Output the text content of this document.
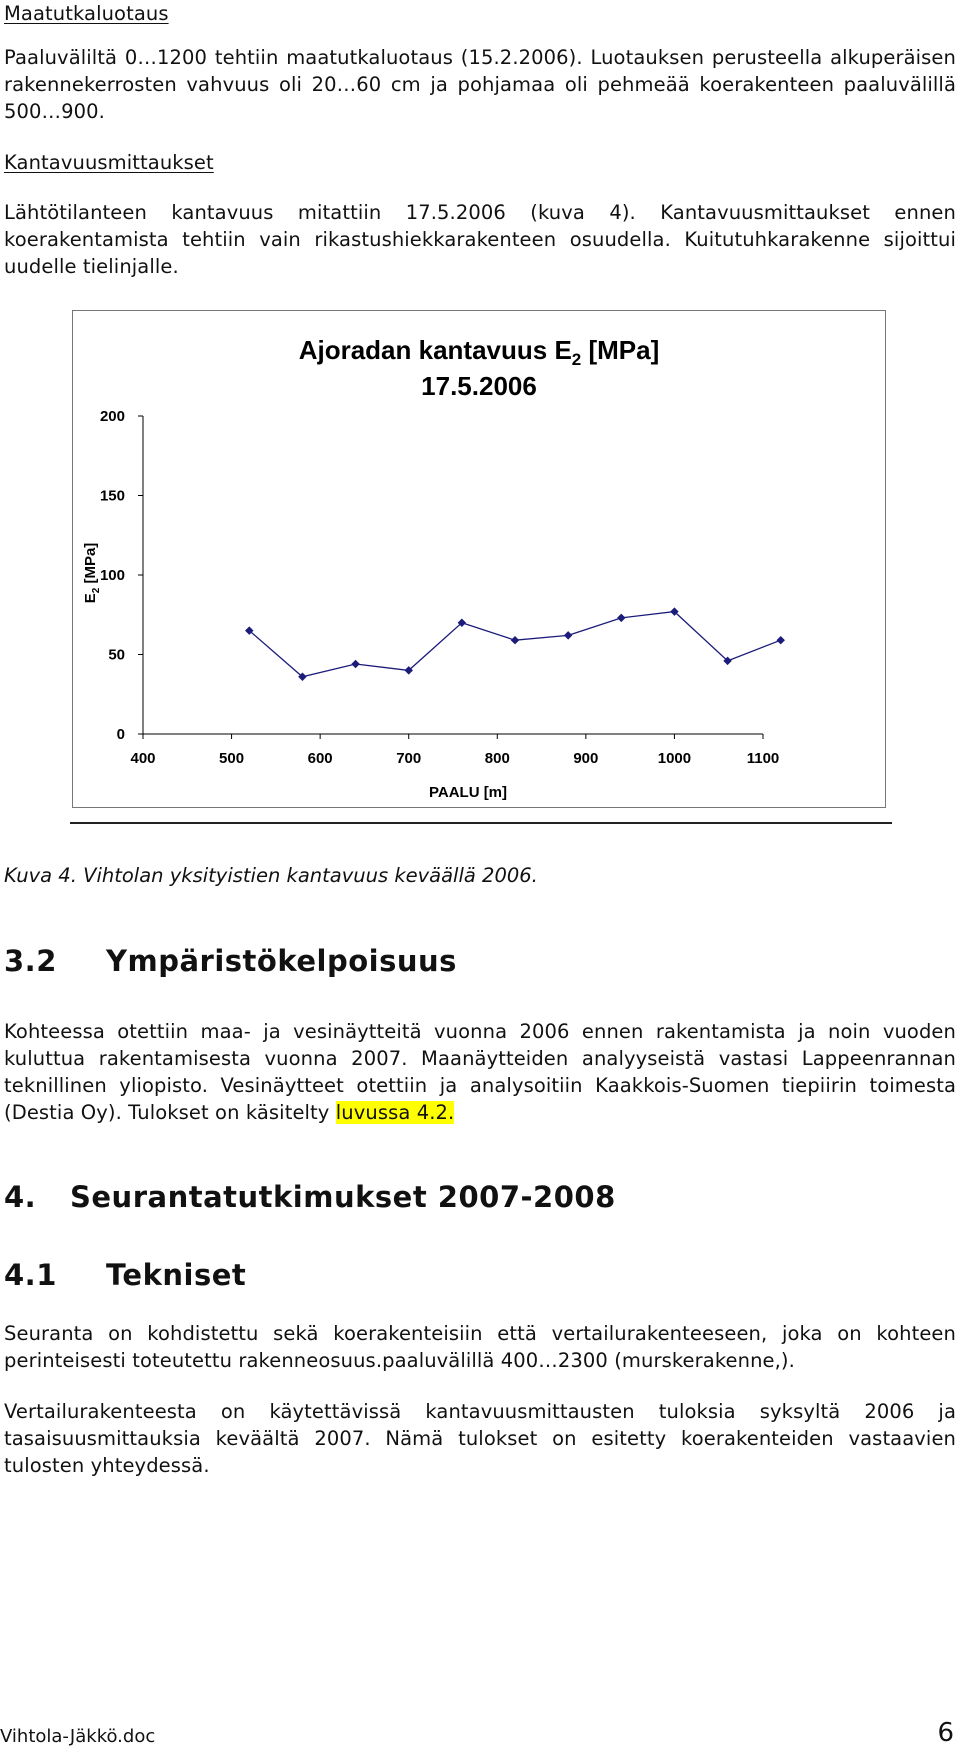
Maatutkaluotaus

Paaluväliltä 0…1200 tehtiin maatutkaluotaus (15.2.2006). Luotauksen perusteella alkuperäisen rakennekerrosten vahvuus oli 20…60 cm ja pohjamaa oli pehmeää koerakenteen paaluvälillä 500…900.

Kantavuusmittaukset

Lähtötilanteen kantavuus mitattiin 17.5.2006 (kuva 4). Kantavuusmittaukset ennen koerakentamista tehtiin vain rikastushiekkarakenteen osuudella. Kuitutuhkarakenne sijoittui uudelle tielinjalle.

Ajoradan kantavuus $E_2$ [MPa]
17.5.2006
$E_2$ [MPa]
PAALU [m]
0
50
100
150
200
400	500	600	700	800	900	1000	1100

Kuva 4. Vihtolan yksityistien kantavuus keväällä 2006.

3.2 Ympäristökelpoisuus

Kohteessa otettiin maa- ja vesinäytteitä vuonna 2006 ennen rakentamista ja noin vuoden kuluttua rakentamisesta vuonna 2007. Maanäytteiden analyyseistä vastasi Lappeenrannan teknillinen yliopisto. Vesinäytteet otettiin ja analysoitiin Kaakkois-Suomen tiepiirin toimesta (Destia Oy). Tulokset on käsitelty luvussa 4.2.

4. Seurantatutkimukset 2007-2008
4.1 Tekniset

Seuranta on kohdistettu sekä koerakenteisiin että vertailurakenteeseen, joka on kohteen perinteisesti toteutettu rakenneosuus.paaluvälillä 400…2300 (murskerakenne,).

Vertailurakenteesta on käytettävissä kantavuusmittausten tuloksia syksyltä 2006 ja tasaisuusmittauksia keväältä 2007. Nämä tulokset on esitetty koerakenteiden vastaavien tulosten yhteydessä.

Vihtola-Jäkkö.doc	6
